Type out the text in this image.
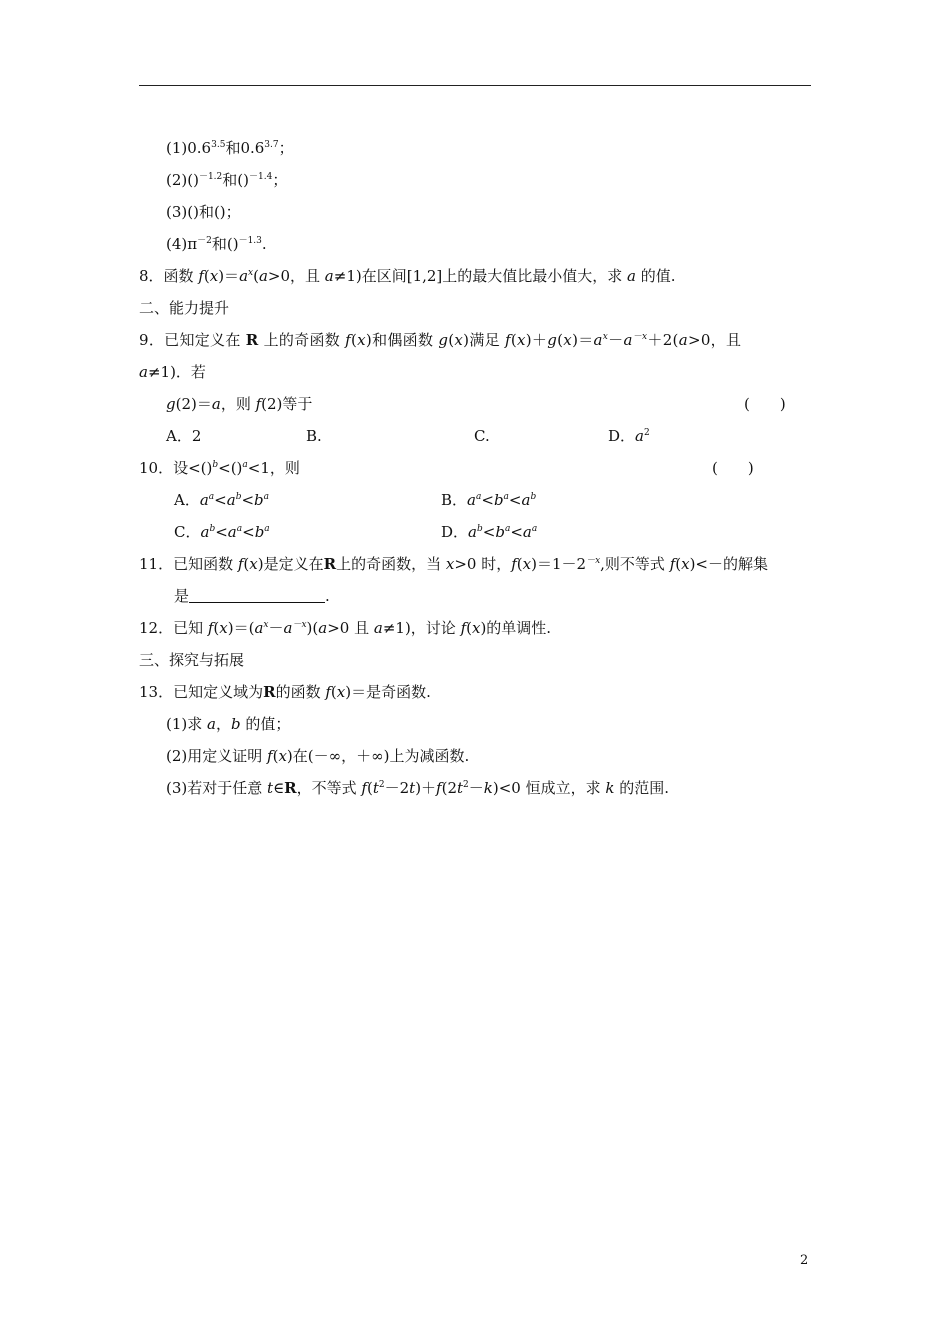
$(1)0.6^{3.5}$和$0.6^{3.7}$；
(2)()$^{-1.2}$和()$^{-1.4}$；
(3)()和()；
$(4)\pi^{-2}$和()$^{-1.3}$.
8．函数 $f(x)=a^x(a>0$，且 a≠1)在区间[1,2]上的最大值比最小值大，求 a 的值.
二、能力提升
9．已知定义在 R 上的奇函数 f(x)和偶函数 g(x)满足 $f(x)+g(x)=a^x-a^{-x}+2(a>0$，且
a≠1)．若
g(2)＝a，则 f(2)等于	(　　)
A．2	B.	C.	D．$a^2$
10．设<()$^b$<()$^a$<1，则	(　　)
A．$a^a<a^b<b^a$	B．$a^a<b^a<a^b$
C．$a^b<a^a<b^a$	D．$a^b<b^a<a^a$
11．已知函数 f(x)是定义在R上的奇函数，当 x>0 时，$f(x)=1-2^{-x}$,则不等式 f(x)<－的解集
是	.
12．已知 $f(x)=(a^x-a^{-x})(a>0$ 且 a≠1)，讨论 f(x)的单调性.
三、探究与拓展
13．已知定义域为R的函数 f(x)＝是奇函数.
(1)求 a，b 的值；
(2)用定义证明 f(x)在(－∞，＋∞)上为减函数.
(3)若对于任意 t∈R，不等式 $f(t^2-2t)+f(2t^2-k)<0$ 恒成立，求 k 的范围.
2
